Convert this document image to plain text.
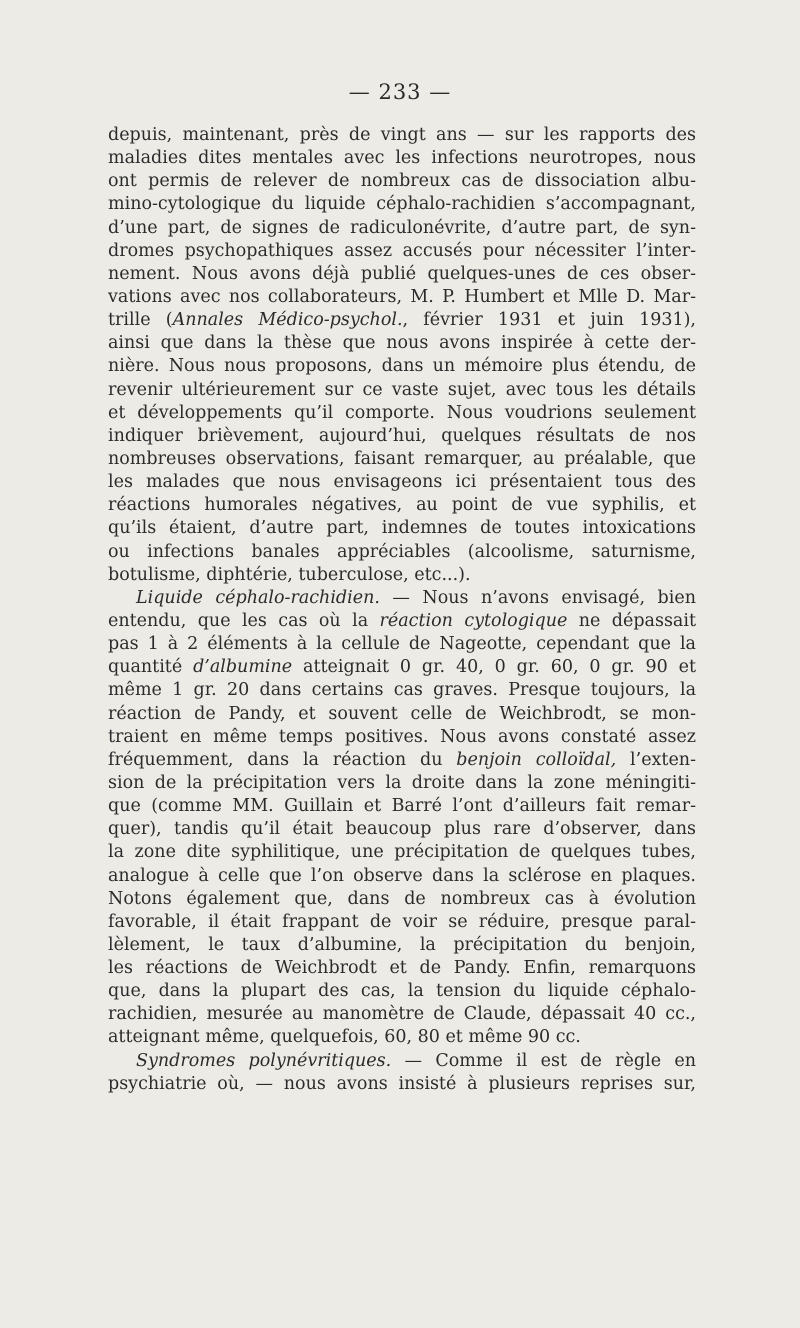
— 233 —
depuis, maintenant, près de vingt ans — sur les rapports des
maladies dites mentales avec les infections neurotropes, nous
ont permis de relever de nombreux cas de dissociation albu-
mino-cytologique du liquide céphalo-rachidien s’accompagnant,
d’une part, de signes de radiculonévrite, d’autre part, de syn-
dromes psychopathiques assez accusés pour nécessiter l’inter-
nement. Nous avons déjà publié quelques-unes de ces obser-
vations avec nos collaborateurs, M. P. Humbert et Mlle D. Mar-
trille (Annales Médico-psychol., février 1931 et juin 1931),
ainsi que dans la thèse que nous avons inspirée à cette der-
nière. Nous nous proposons, dans un mémoire plus étendu, de
revenir ultérieurement sur ce vaste sujet, avec tous les détails
et développements qu’il comporte. Nous voudrions seulement
indiquer brièvement, aujourd’hui, quelques résultats de nos
nombreuses observations, faisant remarquer, au préalable, que
les malades que nous envisageons ici présentaient tous des
réactions humorales négatives, au point de vue syphilis, et
qu’ils étaient, d’autre part, indemnes de toutes intoxications
ou infections banales appréciables (alcoolisme, saturnisme,
botulisme, diphtérie, tuberculose, etc...).
Liquide céphalo-rachidien. — Nous n’avons envisagé, bien
entendu, que les cas où la réaction cytologique ne dépassait
pas 1 à 2 éléments à la cellule de Nageotte, cependant que la
quantité d’albumine atteignait 0 gr. 40, 0 gr. 60, 0 gr. 90 et
même 1 gr. 20 dans certains cas graves. Presque toujours, la
réaction de Pandy, et souvent celle de Weichbrodt, se mon-
traient en même temps positives. Nous avons constaté assez
fréquemment, dans la réaction du benjoin colloïdal, l’exten-
sion de la précipitation vers la droite dans la zone méningiti-
que (comme MM. Guillain et Barré l’ont d’ailleurs fait remar-
quer), tandis qu’il était beaucoup plus rare d’observer, dans
la zone dite syphilitique, une précipitation de quelques tubes,
analogue à celle que l’on observe dans la sclérose en plaques.
Notons également que, dans de nombreux cas à évolution
favorable, il était frappant de voir se réduire, presque paral-
lèlement, le taux d’albumine, la précipitation du benjoin,
les réactions de Weichbrodt et de Pandy. Enfin, remarquons
que, dans la plupart des cas, la tension du liquide céphalo-
rachidien, mesurée au manomètre de Claude, dépassait 40 cc.,
atteignant même, quelquefois, 60, 80 et même 90 cc.
Syndromes polynévritiques. — Comme il est de règle en
psychiatrie où, — nous avons insisté à plusieurs reprises sur,
